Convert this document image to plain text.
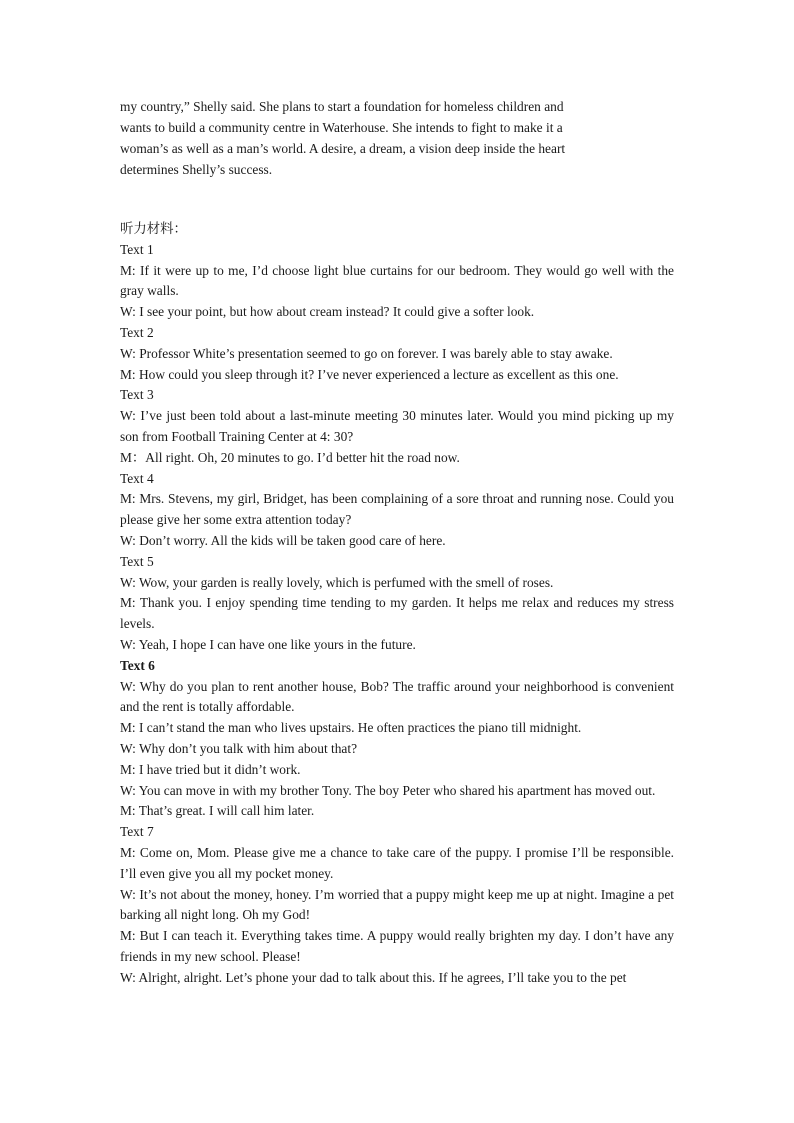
my country,” Shelly said. She plans to start a foundation for homeless children and

wants to build a community centre in Waterhouse. She intends to fight to make it a

woman’s as well as a man’s world. A desire, a dream, a vision deep inside the heart

determines Shelly’s success.

听力材料：

Text 1

M: If it were up to me, I’d choose light blue curtains for our bedroom. They would go well with the gray walls.

W: I see your point, but how about cream instead? It could give a softer look.

Text 2

W: Professor White’s presentation seemed to go on forever. I was barely able to stay awake.

M: How could you sleep through it? I’ve never experienced a lecture as excellent as this one.

Text 3

W: I’ve just been told about a last-minute meeting 30 minutes later. Would you mind picking up my son from Football Training Center at 4: 30?

M：All right. Oh, 20 minutes to go. I’d better hit the road now.

Text 4

M: Mrs. Stevens, my girl, Bridget, has been complaining of a sore throat and running nose. Could you please give her some extra attention today?

W: Don’t worry. All the kids will be taken good care of here.

Text 5

W: Wow, your garden is really lovely, which is perfumed with the smell of roses.

M: Thank you. I enjoy spending time tending to my garden. It helps me relax and reduces my stress levels.

W: Yeah, I hope I can have one like yours in the future.

Text 6

W: Why do you plan to rent another house, Bob? The traffic around your neighborhood is convenient and the rent is totally affordable.

M: I can’t stand the man who lives upstairs. He often practices the piano till midnight.

W: Why don’t you talk with him about that?

M: I have tried but it didn’t work.

W: You can move in with my brother Tony. The boy Peter who shared his apartment has moved out.

M: That’s great. I will call him later.

Text 7

M: Come on, Mom. Please give me a chance to take care of the puppy. I promise I’ll be responsible. I’ll even give you all my pocket money.

W: It’s not about the money, honey. I’m worried that a puppy might keep me up at night. Imagine a pet barking all night long. Oh my God!

M: But I can teach it. Everything takes time. A puppy would really brighten my day. I don’t have any friends in my new school. Please!

W: Alright, alright. Let’s phone your dad to talk about this. If he agrees, I’ll take you to the pet
